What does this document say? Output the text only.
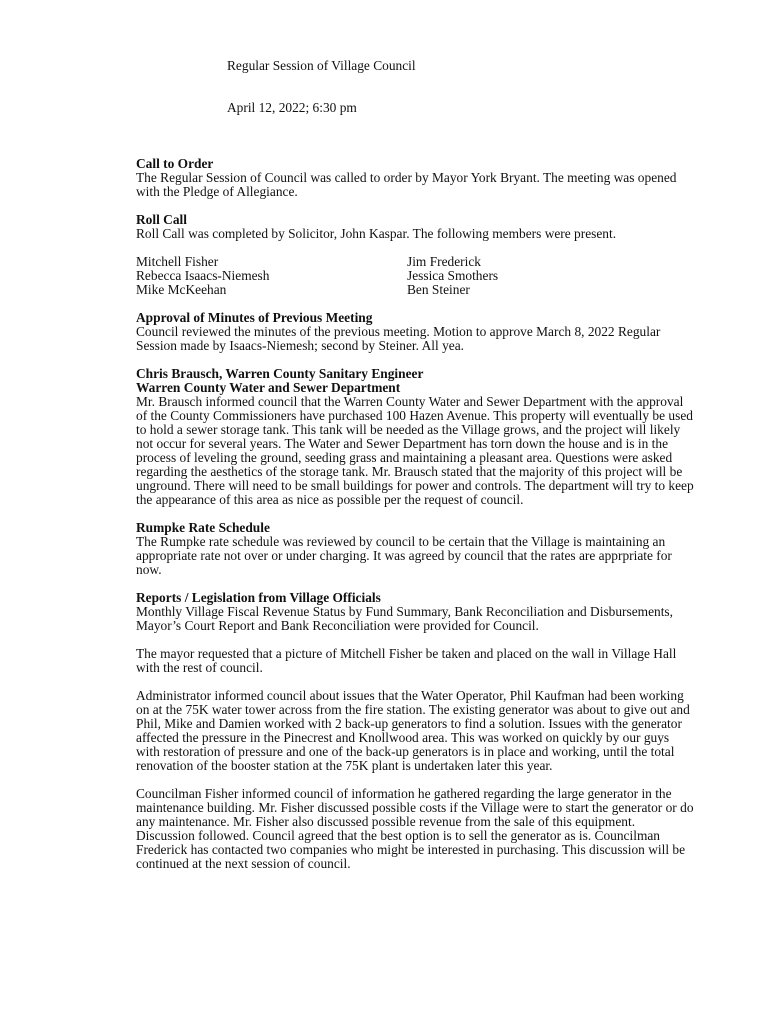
Regular Session of Village Council
April 12, 2022; 6:30 pm
Call to Order
The Regular Session of Council was called to order by Mayor York Bryant. The meeting was opened with the Pledge of Allegiance.
Roll Call
Roll Call was completed by Solicitor, John Kaspar. The following members were present.
Mitchell Fisher	Jim Frederick
Rebecca Isaacs-Niemesh	Jessica Smothers
Mike McKeehan	Ben Steiner
Approval of Minutes of Previous Meeting
Council reviewed the minutes of the previous meeting. Motion to approve March 8, 2022 Regular Session made by Isaacs-Niemesh; second by Steiner. All yea.
Chris Brausch, Warren County Sanitary Engineer
Warren County Water and Sewer Department
Mr. Brausch informed council that the Warren County Water and Sewer Department with the approval of the County Commissioners have purchased 100 Hazen Avenue. This property will eventually be used to hold a sewer storage tank. This tank will be needed as the Village grows, and the project will likely not occur for several years. The Water and Sewer Department has torn down the house and is in the process of leveling the ground, seeding grass and maintaining a pleasant area. Questions were asked regarding the aesthetics of the storage tank. Mr. Brausch stated that the majority of this project will be unground. There will need to be small buildings for power and controls. The department will try to keep the appearance of this area as nice as possible per the request of council.
Rumpke Rate Schedule
The Rumpke rate schedule was reviewed by council to be certain that the Village is maintaining an appropriate rate not over or under charging. It was agreed by council that the rates are apprpriate for now.
Reports / Legislation from Village Officials
Monthly Village Fiscal Revenue Status by Fund Summary, Bank Reconciliation and Disbursements, Mayor’s Court Report and Bank Reconciliation were provided for Council.
The mayor requested that a picture of Mitchell Fisher be taken and placed on the wall in Village Hall with the rest of council.
Administrator informed council about issues that the Water Operator, Phil Kaufman had been working on at the 75K water tower across from the fire station. The existing generator was about to give out and Phil, Mike and Damien worked with 2 back-up generators to find a solution. Issues with the generator affected the pressure in the Pinecrest and Knollwood area. This was worked on quickly by our guys with restoration of pressure and one of the back-up generators is in place and working, until the total renovation of the booster station at the 75K plant is undertaken later this year.
Councilman Fisher informed council of information he gathered regarding the large generator in the maintenance building. Mr. Fisher discussed possible costs if the Village were to start the generator or do any maintenance. Mr. Fisher also discussed possible revenue from the sale of this equipment. Discussion followed. Council agreed that the best option is to sell the generator as is. Councilman Frederick has contacted two companies who might be interested in purchasing. This discussion will be continued at the next session of council.
